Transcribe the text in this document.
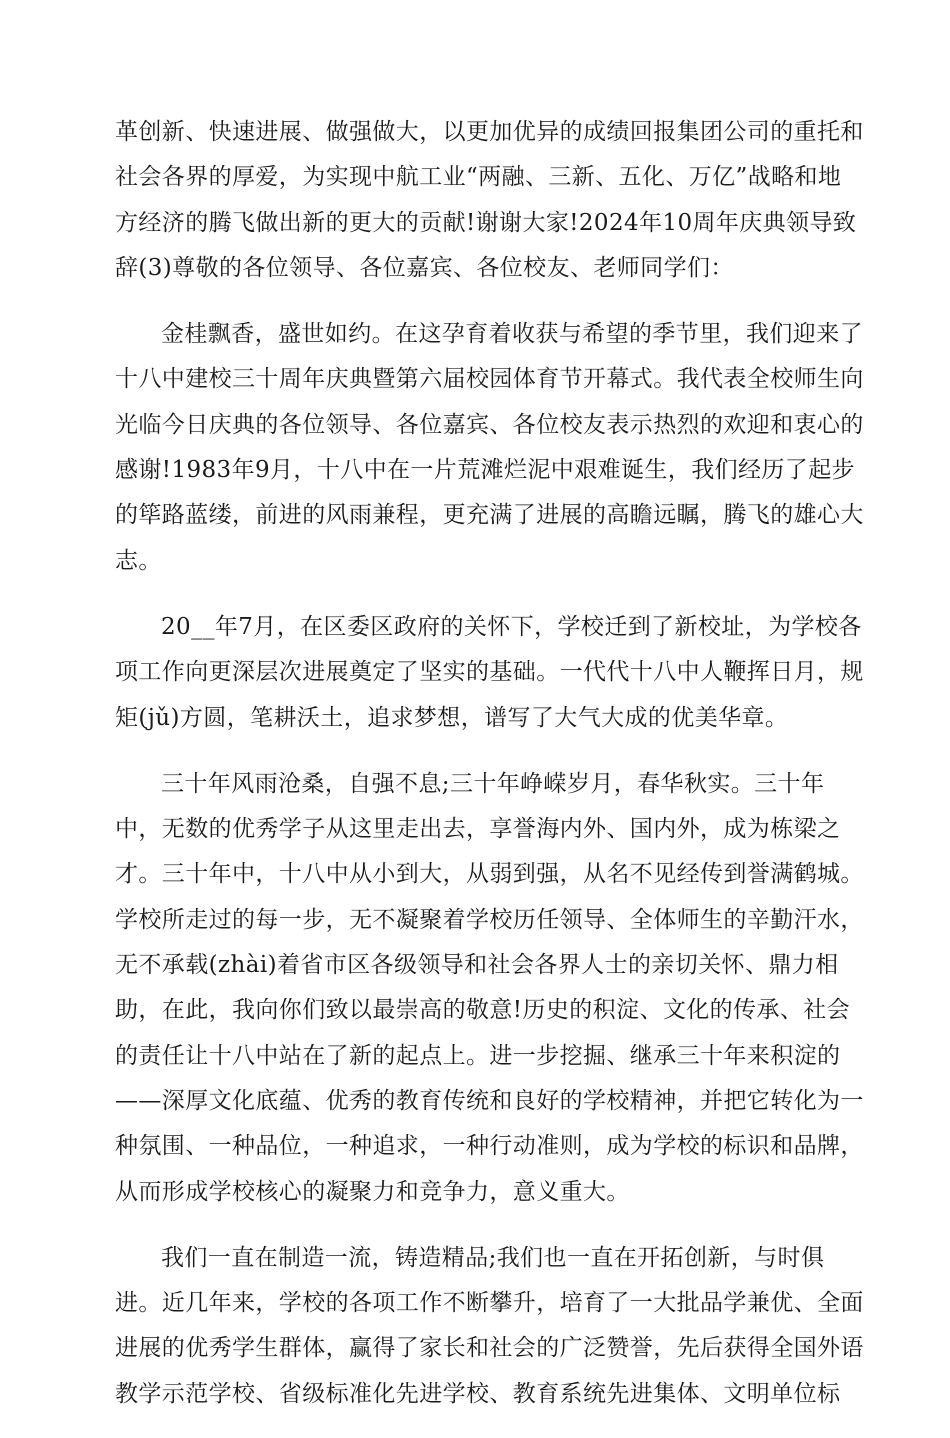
革创新、快速进展、做强做大，以更加优异的成绩回报集团公司的重托和
社会各界的厚爱，为实现中航工业“两融、三新、五化、万亿”战略和地
方经济的腾飞做出新的更大的贡献!谢谢大家!2024年10周年庆典领导致
辞(3)尊敬的各位领导、各位嘉宾、各位校友、老师同学们：

金桂飘香，盛世如约。在这孕育着收获与希望的季节里，我们迎来了
十八中建校三十周年庆典暨第六届校园体育节开幕式。我代表全校师生向
光临今日庆典的各位领导、各位嘉宾、各位校友表示热烈的欢迎和衷心的
感谢!1983年9月，十八中在一片荒滩烂泥中艰难诞生，我们经历了起步
的筚路蓝缕，前进的风雨兼程，更充满了进展的高瞻远瞩，腾飞的雄心大
志。

20__年7月，在区委区政府的关怀下，学校迁到了新校址，为学校各
项工作向更深层次进展奠定了坚实的基础。一代代十八中人鞭挥日月，规
矩(jǔ)方圆，笔耕沃土，追求梦想，谱写了大气大成的优美华章。

三十年风雨沧桑，自强不息;三十年峥嵘岁月，春华秋实。三十年
中，无数的优秀学子从这里走出去，享誉海内外、国内外，成为栋梁之
才。三十年中，十八中从小到大，从弱到强，从名不见经传到誉满鹤城。
学校所走过的每一步，无不凝聚着学校历任领导、全体师生的辛勤汗水，
无不承载(zhài)着省市区各级领导和社会各界人士的亲切关怀、鼎力相
助，在此，我向你们致以最崇高的敬意!历史的积淀、文化的传承、社会
的责任让十八中站在了新的起点上。进一步挖掘、继承三十年来积淀的
——深厚文化底蕴、优秀的教育传统和良好的学校精神，并把它转化为一
种氛围、一种品位，一种追求，一种行动准则，成为学校的标识和品牌，
从而形成学校核心的凝聚力和竞争力，意义重大。

我们一直在制造一流，铸造精品;我们也一直在开拓创新，与时俱
进。近几年来，学校的各项工作不断攀升，培育了一大批品学兼优、全面
进展的优秀学生群体，赢得了家长和社会的广泛赞誉，先后获得全国外语
教学示范学校、省级标准化先进学校、教育系统先进集体、文明单位标
